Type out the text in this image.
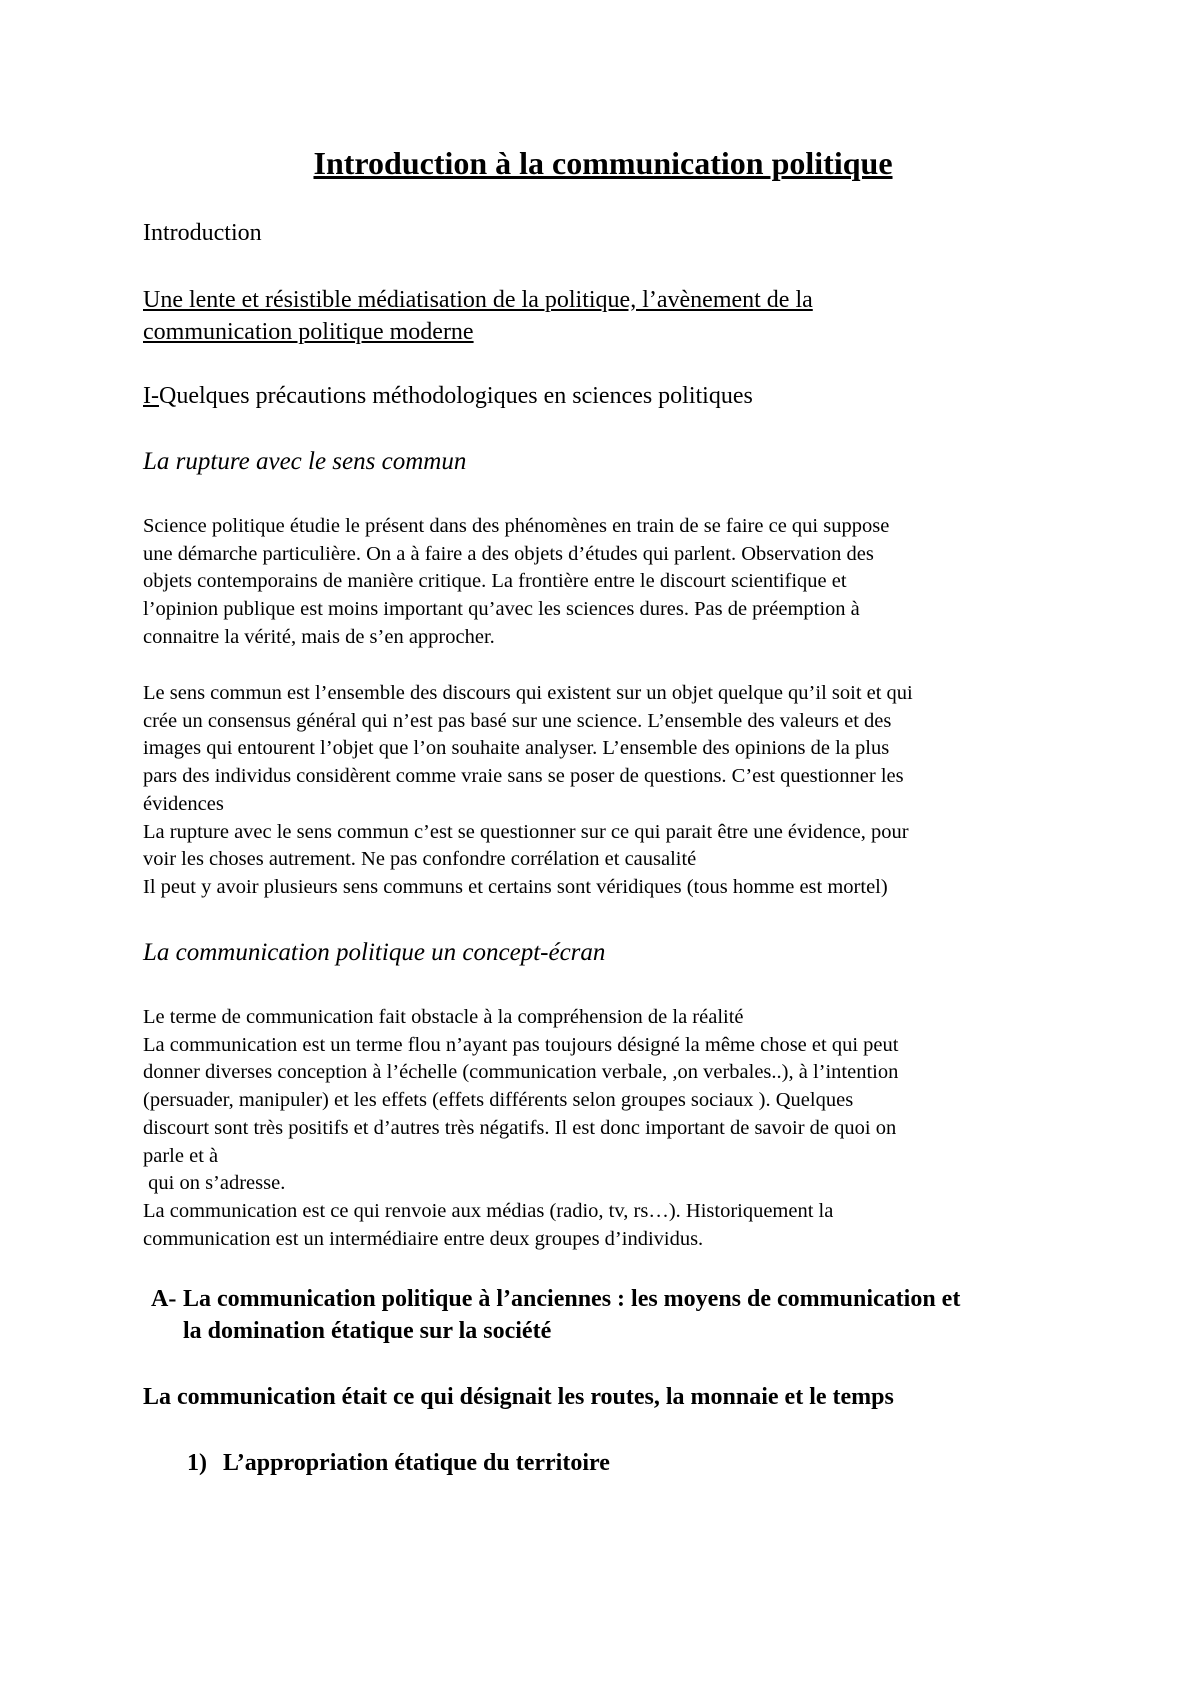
Introduction à la communication politique

Introduction

Une lente et résistible médiatisation de la politique, l’avènement de la
communication politique moderne

I-Quelques précautions méthodologiques en sciences politiques

La rupture avec le sens commun

Science politique étudie le présent dans des phénomènes en train de se faire ce qui suppose
une démarche particulière. On a à faire a des objets d’études qui parlent. Observation des
objets contemporains de manière critique. La frontière entre le discourt scientifique et
l’opinion publique est moins important qu’avec les sciences dures. Pas de préemption à
connaitre la vérité, mais de s’en approcher.
Le sens commun est l’ensemble des discours qui existent sur un objet quelque qu’il soit et qui
crée un consensus général qui n’est pas basé sur une science. L’ensemble des valeurs et des
images qui entourent l’objet que l’on souhaite analyser. L’ensemble des opinions de la plus
pars des individus considèrent comme vraie sans se poser de questions. C’est questionner les
évidences
La rupture avec le sens commun c’est se questionner sur ce qui parait être une évidence, pour
voir les choses autrement. Ne pas confondre corrélation et causalité
Il peut y avoir plusieurs sens communs et certains sont véridiques (tous homme est mortel)

La communication politique un concept-écran

Le terme de communication fait obstacle à la compréhension de la réalité
La communication est un terme flou n’ayant pas toujours désigné la même chose et qui peut
donner diverses conception à l’échelle (communication verbale, ,on verbales..), à l’intention
(persuader, manipuler) et les effets (effets différents selon groupes sociaux ). Quelques
discourt sont très positifs et d’autres très négatifs. Il est donc important de savoir de quoi on
parle et à
qui on s’adresse.
La communication est ce qui renvoie aux médias (radio, tv, rs…). Historiquement la
communication est un intermédiaire entre deux groupes d’individus.
A- La communication politique à l’anciennes : les moyens de communication et
la domination étatique sur la société

La communication était ce qui désignait les routes, la monnaie et le temps

1) L’appropriation étatique du territoire
